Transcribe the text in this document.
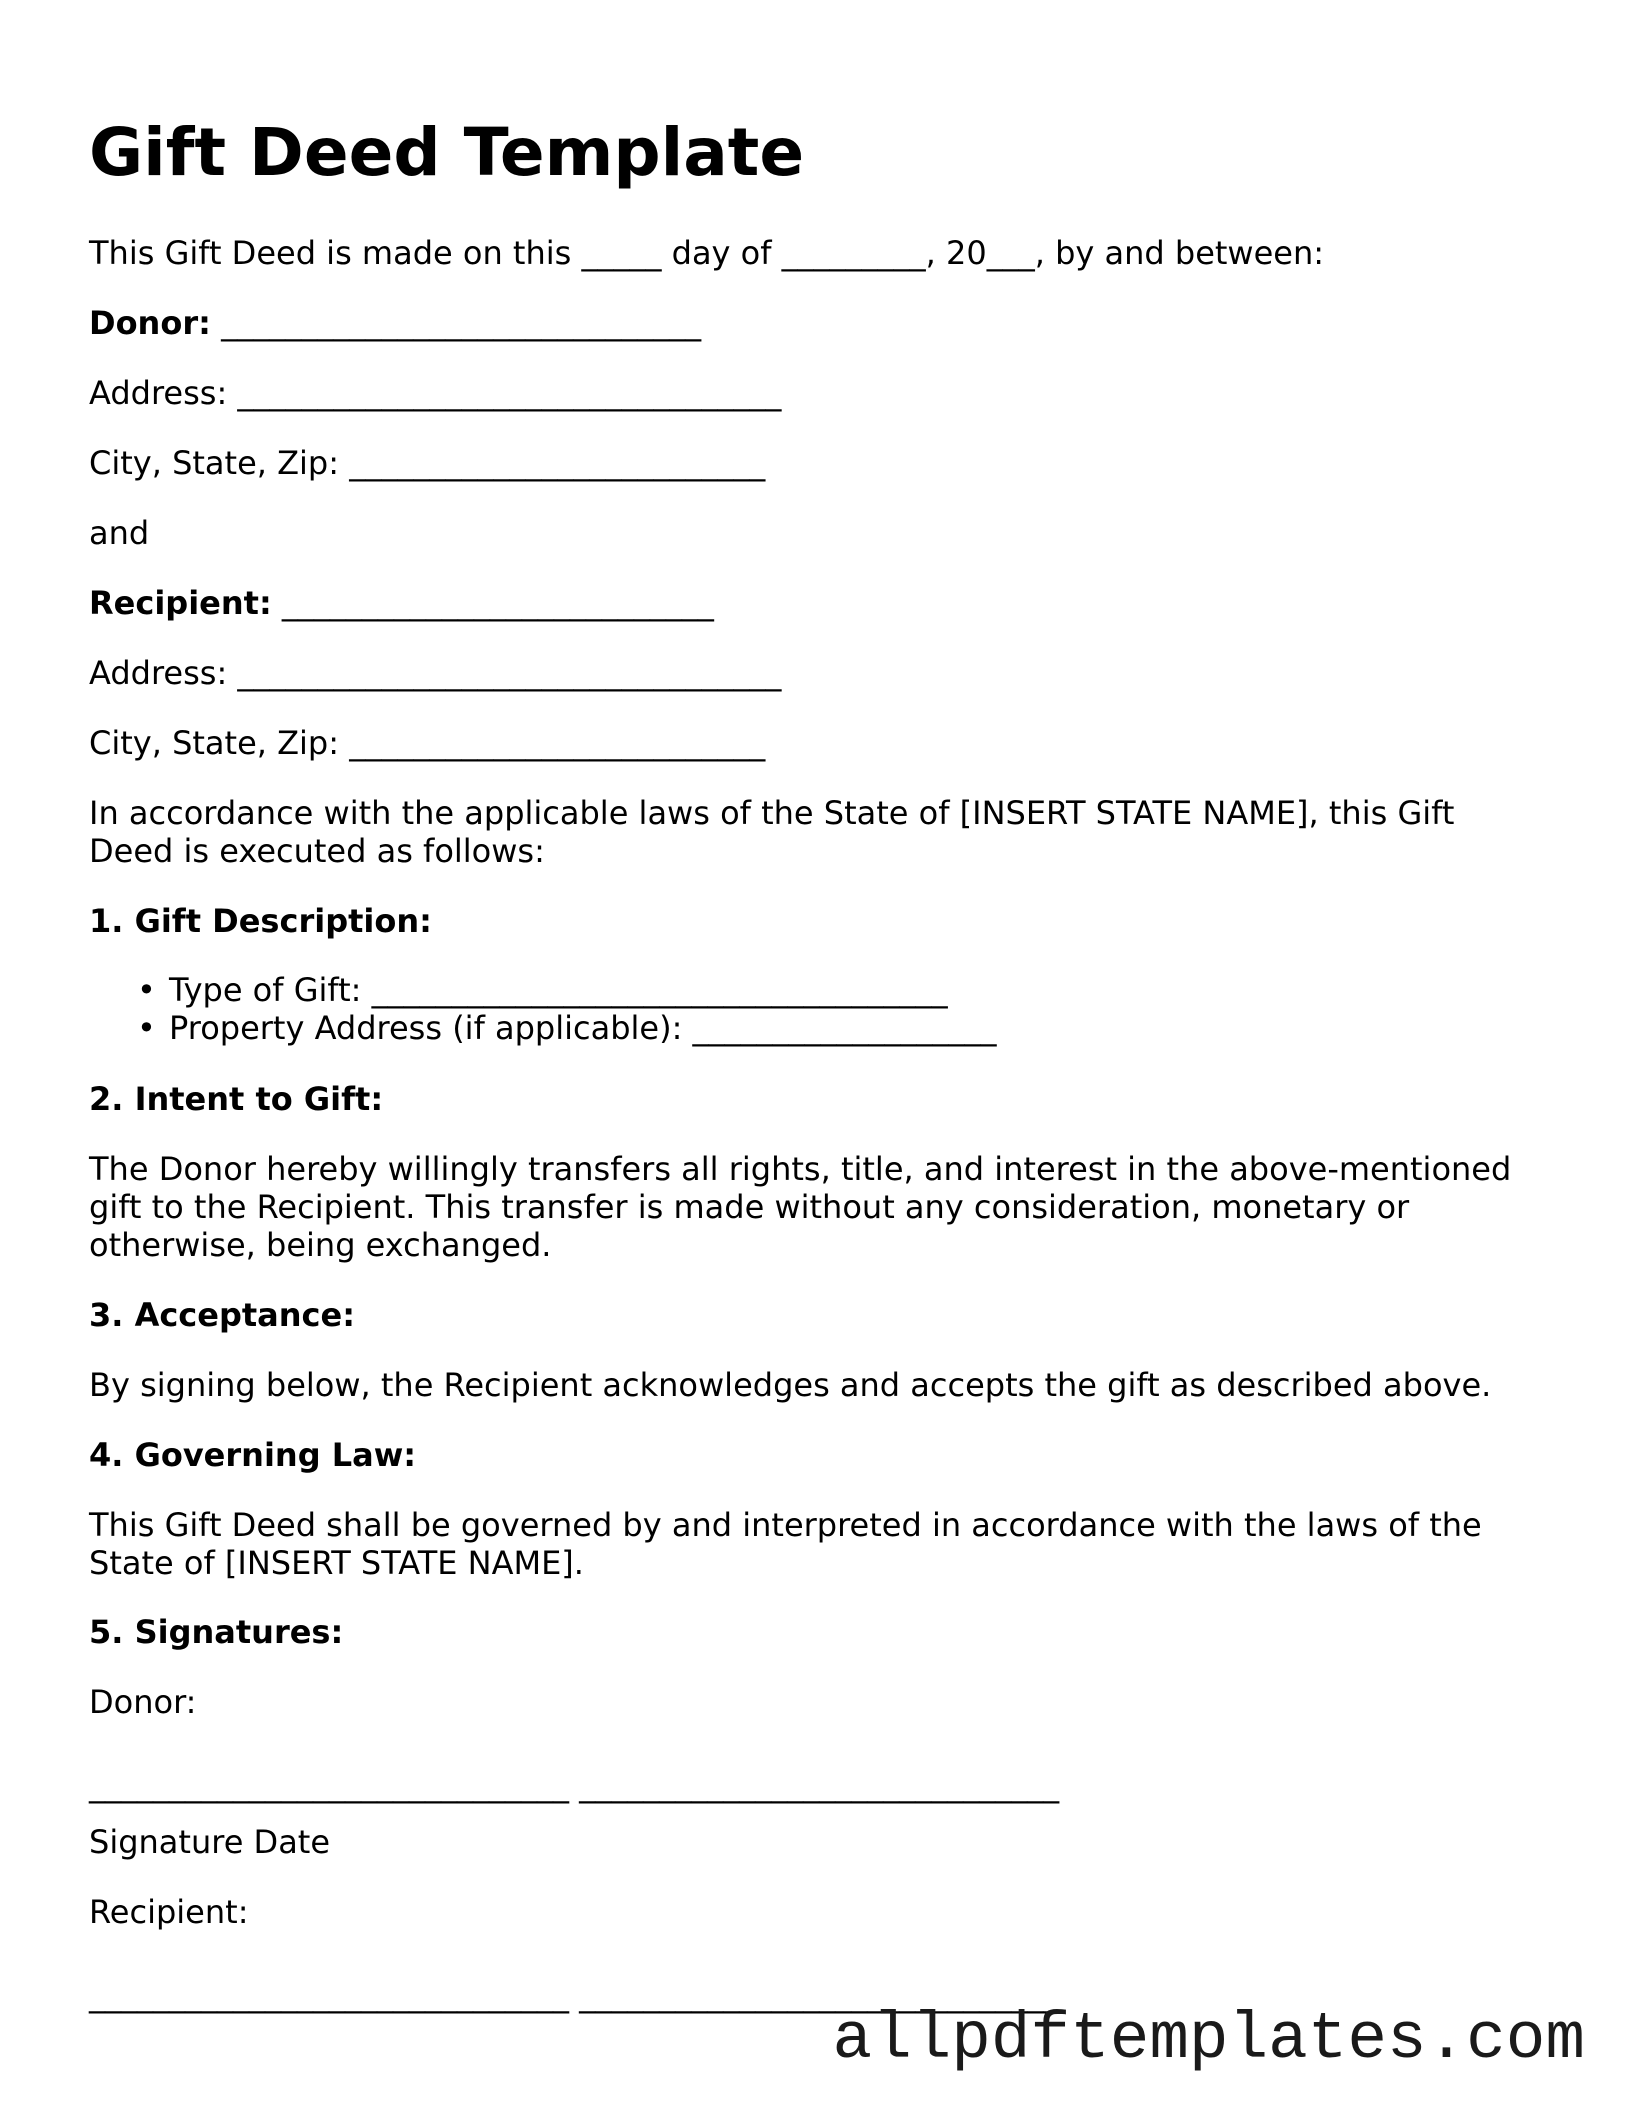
Gift Deed Template

This Gift Deed is made on this _____ day of _________, 20___, by and between:

Donor: ______________________________

Address: __________________________________

City, State, Zip: __________________________

and

Recipient: ___________________________

Address: __________________________________

City, State, Zip: __________________________

In accordance with the applicable laws of the State of [INSERT STATE NAME], this Gift
Deed is executed as follows:

1. Gift Description:

• Type of Gift: ____________________________________
• Property Address (if applicable): ___________________

2. Intent to Gift:

The Donor hereby willingly transfers all rights, title, and interest in the above-mentioned
gift to the Recipient. This transfer is made without any consideration, monetary or
otherwise, being exchanged.

3. Acceptance:

By signing below, the Recipient acknowledges and accepts the gift as described above.

4. Governing Law:

This Gift Deed shall be governed by and interpreted in accordance with the laws of the
State of [INSERT STATE NAME].

5. Signatures:

Donor:

______________________________ ______________________________

Signature Date

Recipient:

______________________________ ______________________________

allpdftemplates.com
